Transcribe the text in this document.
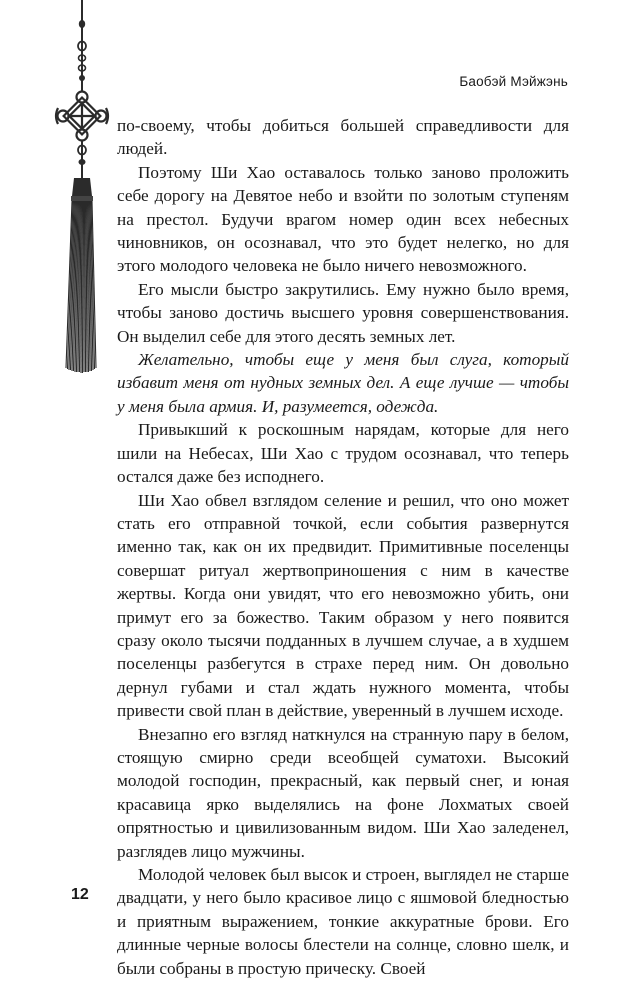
Баобэй Мэйжэнь

по-своему, чтобы добиться большей справедливости для людей.

Поэтому Ши Хао оставалось только заново проложить себе дорогу на Девятое небо и взойти по золотым ступеням на престол. Будучи врагом номер один всех небесных чиновников, он осознавал, что это будет нелегко, но для этого молодого человека не было ничего невозможного.

Его мысли быстро закрутились. Ему нужно было время, чтобы заново достичь высшего уровня совершенствования. Он выделил себе для этого десять земных лет.

Желательно, чтобы еще у меня был слуга, который избавит меня от нудных земных дел. А еще лучше — чтобы у меня была армия. И, разумеется, одежда.

Привыкший к роскошным нарядам, которые для него шили на Небесах, Ши Хао с трудом осознавал, что теперь остался даже без исподнего.

Ши Хао обвел взглядом селение и решил, что оно может стать его отправной точкой, если события развернутся именно так, как он их предвидит. Примитивные поселенцы совершат ритуал жертвоприношения с ним в качестве жертвы. Когда они увидят, что его невозможно убить, они примут его за божество. Таким образом у него появится сразу около тысячи подданных в лучшем случае, а в худшем поселенцы разбегутся в страхе перед ним. Он довольно дернул губами и стал ждать нужного момента, чтобы привести свой план в действие, уверенный в лучшем исходе.

Внезапно его взгляд наткнулся на странную пару в белом, стоящую смирно среди всеобщей суматохи. Высокий молодой господин, прекрасный, как первый снег, и юная красавица ярко выделялись на фоне Лохматых своей опрятностью и цивилизованным видом. Ши Хао заледенел, разглядев лицо мужчины.

Молодой человек был высок и строен, выглядел не старше двадцати, у него было красивое лицо с яшмовой бледностью и приятным выражением, тонкие аккуратные брови. Его длинные черные волосы блестели на солнце, словно шелк, и были собраны в простую прическу. Своей

12
